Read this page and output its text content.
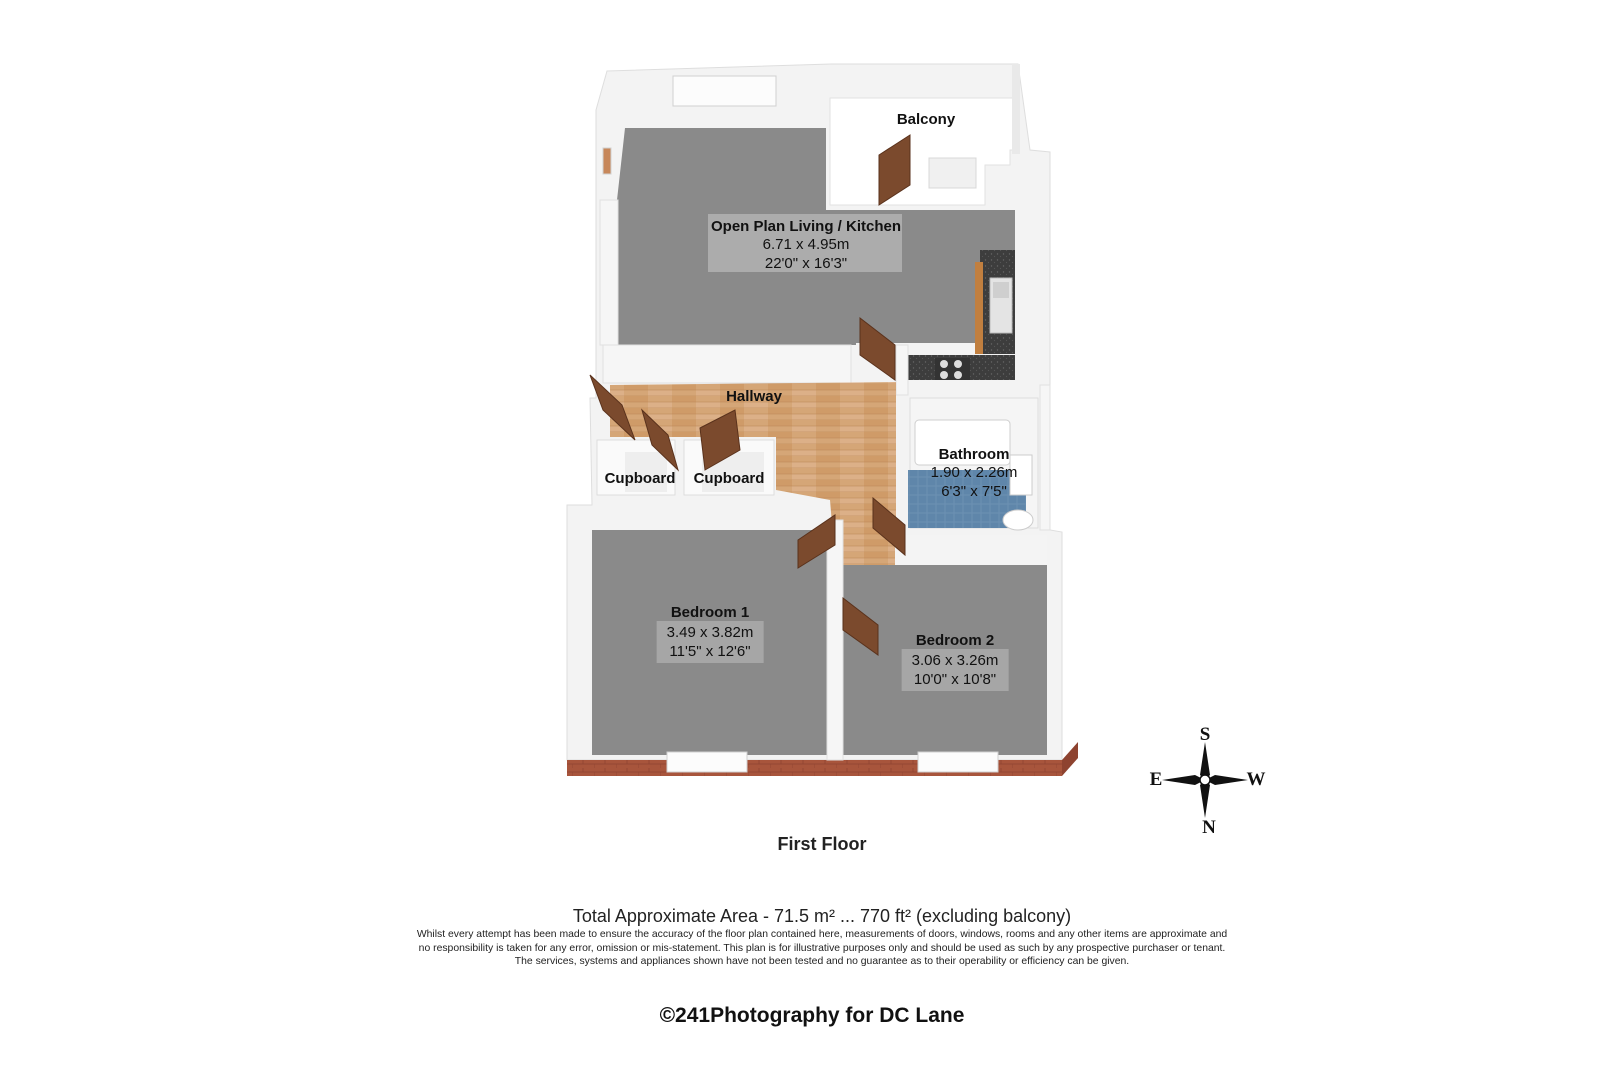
Balcony
Open Plan Living / Kitchen
6.71 x 4.95m
22'0" x 16'3"
Hallway
Bathroom
1.90 x 2.26m
6'3" x 7'5"
Cupboard Cupboard
Bedroom 1
3.49 x 3.82m
11'5" x 12'6"
Bedroom 2
3.06 x 3.26m
10'0" x 10'8"
S
N
E	W
First Floor
Total Approximate Area - 71.5 m² ... 770 ft² (excluding balcony)
Whilst every attempt has been made to ensure the accuracy of the floor plan contained here, measurements of doors, windows, rooms and any other items are approximate and
no responsibility is taken for any error, omission or mis-statement. This plan is for illustrative purposes only and should be used as such by any prospective purchaser or tenant.
The services, systems and appliances shown have not been tested and no guarantee as to their operability or efficiency can be given.
©241Photography for DC Lane
